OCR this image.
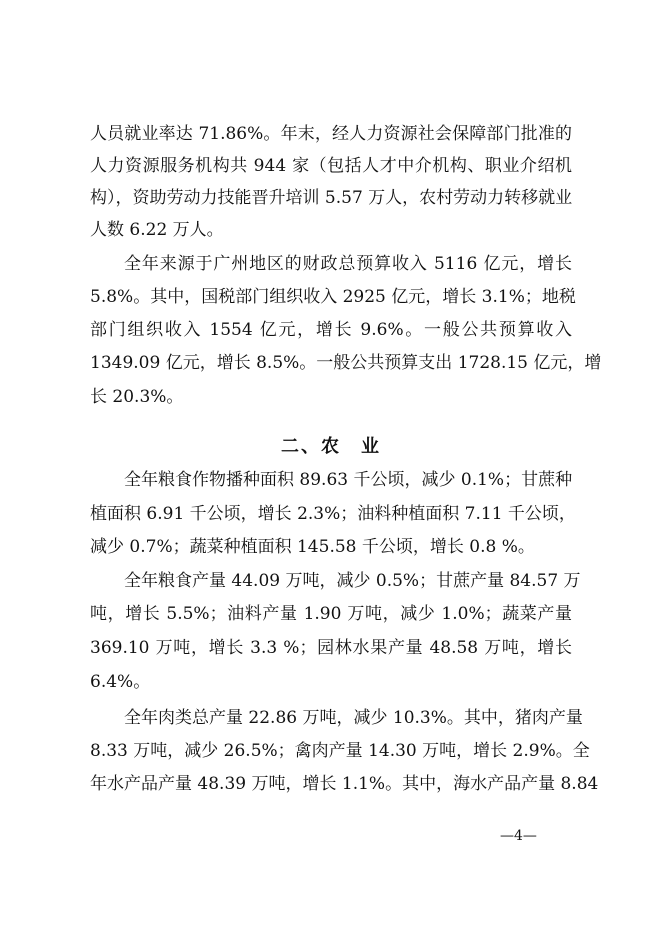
人员就业率达 71.86%。年末，经人力资源社会保障部门批准的
人力资源服务机构共 944 家（包括人才中介机构、职业介绍机
构），资助劳动力技能晋升培训 5.57 万人，农村劳动力转移就业
人数 6.22 万人。
全年来源于广州地区的财政总预算收入 5116 亿元，增长
5.8%。其中，国税部门组织收入 2925 亿元，增长 3.1%；地税
部门组织收入 1554 亿元，增长 9.6%。一般公共预算收入
1349.09 亿元，增长 8.5%。一般公共预算支出 1728.15 亿元，增
长 20.3%。
二、农　业
全年粮食作物播种面积 89.63 千公顷，减少 0.1%；甘蔗种
植面积 6.91 千公顷，增长 2.3%；油料种植面积 7.11 千公顷，
减少 0.7%；蔬菜种植面积 145.58 千公顷，增长 0.8 %。
全年粮食产量 44.09 万吨，减少 0.5%；甘蔗产量 84.57 万
吨，增长 5.5%；油料产量 1.90 万吨，减少 1.0%；蔬菜产量
369.10 万吨，增长 3.3 %；园林水果产量 48.58 万吨，增长
6.4%。
全年肉类总产量 22.86 万吨，减少 10.3%。其中，猪肉产量
8.33 万吨，减少 26.5%；禽肉产量 14.30 万吨，增长 2.9%。全
年水产品产量 48.39 万吨，增长 1.1%。其中，海水产品产量 8.84
—4—
